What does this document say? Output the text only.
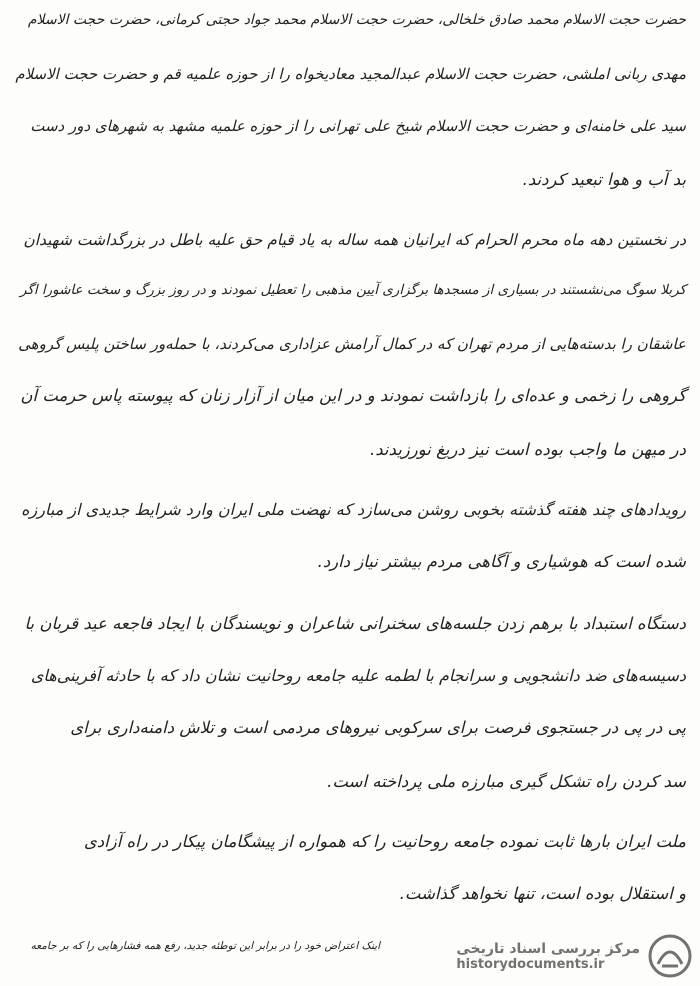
حضرت حجت الاسلام محمد صادق خلخالی، حضرت حجت الاسلام محمد جواد حجتی کرمانی، حضرت حجت الاسلام
مهدی ربانی املشی، حضرت حجت الاسلام عبدالمجید معادیخواه را از حوزه علمیه قم و حضرت حجت الاسلام
سید علی خامنه‌ای و حضرت حجت الاسلام شیخ علی تهرانی را از حوزه علمیه مشهد به شهرهای دور دست
بد آب و هوا تبعید کردند.
در نخستین دهه ماه محرم الحرام که ایرانیان همه ساله به یاد قیام حق علیه باطل در بزرگداشت شهیدان
کربلا سوگ می‌نشستند در بسیاری از مسجدها برگزاری آیین مذهبی را تعطیل نمودند و در روز بزرگ و سخت عاشورا اگر
عاشقان را بدسته‌هایی از مردم تهران که در کمال آرامش عزاداری می‌کردند، با حمله‌ور ساختن پلیس گروهی
گروهی را زخمی و عده‌ای را بازداشت نمودند و در این میان از آزار زنان که پیوسته پاس حرمت آن
در میهن ما واجب بوده است نیز دریغ نورزیدند.
رویدادهای چند هفته گذشته بخوبی روشن می‌سازد که نهضت ملی ایران وارد شرایط جدیدی از مبارزه
شده است که هوشیاری و آگاهی مردم بیشتر نیاز دارد.
دستگاه استبداد با برهم زدن جلسه‌های سخنرانی شاعران و نویسندگان با ایجاد فاجعه عید قربان با
دسیسه‌های ضد دانشجویی و سرانجام با لطمه علیه جامعه روحانیت نشان داد که با حادثه آفرینی‌های
پی در پی در جستجوی فرصت برای سرکوبی نیروهای مردمی است و تلاش دامنه‌داری برای
سد کردن راه تشکل گیری مبارزه ملی پرداخته است.
ملت ایران بارها ثابت نموده جامعه روحانیت را که همواره از پیشگامان پیکار در راه آزادی
و استقلال بوده است، تنها نخواهد گذاشت.
اینک اعتراض خود را در برابر این توطئه جدید، رفع همه فشارهایی را که بر جامعه	مرکز بررسی اسناد تاریخی
historydocuments.ir
